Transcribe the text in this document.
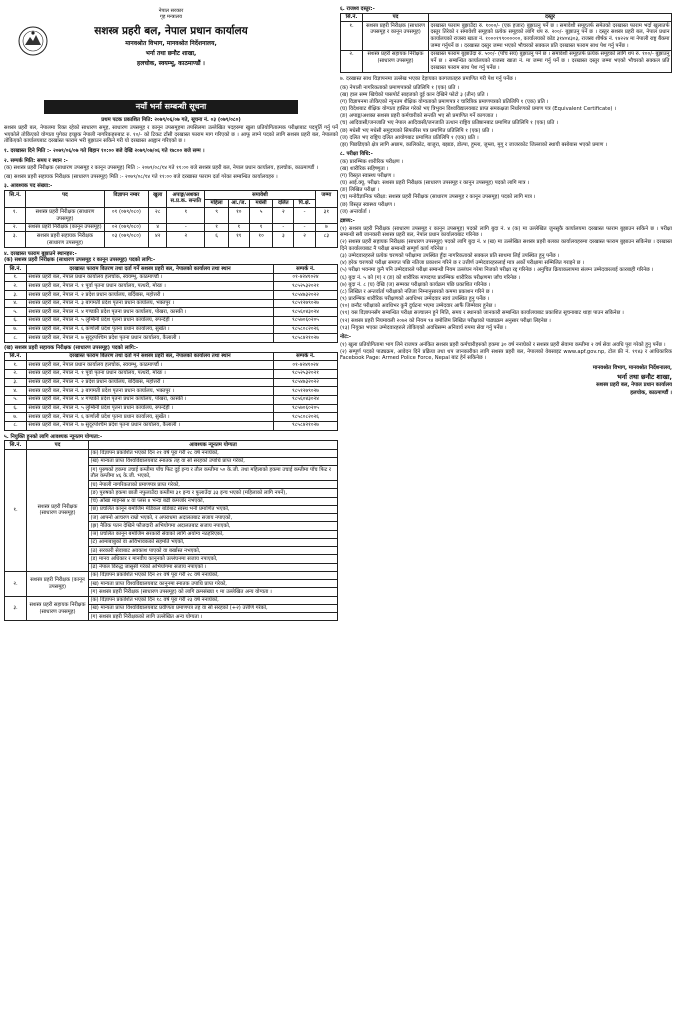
नेपाल सरकार
गृह मन्त्रालय
सशस्त्र प्रहरी बल, नेपाल प्रधान कार्यालय
मानवश्रोत विभाग, मानवश्रोत निर्देशनालय,
भर्ना तथा छनौट शाखा,
हलचोक, स्वयम्भू, काठमाण्डौं ।
नयाँ भर्ना सम्बन्धी सूचना
प्रथम पटक प्रकाशित मिति: २०७९/०६/०७ गते, सूचना नं. ०३ (०७९/०८०)

सशस्त्र प्रहरी बल, नेपालमा रिक्त रहेको साधारण समूह, साधारण उपसमूह र कानून उपसमूहमा तपसिलमा उल्लेखित पदहरुमा खुला प्रतियोगितात्मक परीक्षाबाट पदपूर्ति गर्नु पर्ने भएकोले तोकिएको योग्यता पुगेका इच्छुक नेपाली नागरिकहरुबाट रु. १०/- को टिकट टाँसी दरखास्त फाराम माग गरिएको छ । आफू लाग्ने पदको लागि सशस्त्र प्रहरी बल, नेपालको तोकिएको कार्यालयबाट दरखास्त फाराम भरी बुझाउन सकिने गरी यो दरखास्त आह्वान गरिएको छ ।

१. दरखास्त दिने मिति :- २०७९/०६/०७ गते बिहान १०:०० बजे देखि २०७९/०७/०६ गते १७:०० बजे सम्म ।
२. सम्पर्क मिति: समय र स्थान :-

(क) सशस्त्र प्रहरी निरीक्षक (साधारण उपसमूह र कानून उपसमूह) मिति :- २०७९/०८/१४ गते ११:०० बजे सशस्त्र प्रहरी बल, नेपाल प्रधान कार्यालय, हलचोक, काठमाण्डौं ।

(ख) सशस्त्र प्रहरी सहायक निरीक्षक (साधारण उपसमूह) मिति :- २०७९/०८/१४ गते ११:०० बजे दरखास्त फाराम दर्ता गरेका सम्बन्धित कार्यालयहरु ।

३. आवश्यक पद संख्या:-
सि.नं.	पद	विज्ञापन नम्बर	खुला	अपाङ्ग/अशक्त स.प्र.क. सन्तति	समावेशी					जम्मा
					महिला	आ./ज.	मधेसी	दलित	पि.क्षे.	
१.	सशस्त्र प्रहरी निरीक्षक (साधारण उपसमूह)	०१ (०७९/०८०)	२८	१	९	१०	५	२	-	३१
२.	सशस्त्र प्रहरी निरीक्षक (कानून उपसमूह)	०२ (०७९/०८०)	४	-	१	१	१	-	-	७
३.	सशस्त्र प्रहरी सहायक निरीक्षक (साधारण उपसमूह)	०३ (०७९/०८०)	४२	२	६	११	१०	३	२	८३
४. दरखास्त फाराम बुझाउने स्थानहरु:-
(क) सशस्त्र प्रहरी निरीक्षक (साधारण उपसमूह र कानून उपसमूह) पदको लागि:-
सि.नं.	दरखास्त फाराम वितरण तथा दर्ता गर्ने सशस्त्र प्रहरी बल, नेपालको कार्यालय तथा स्थान	सम्पर्क नं.
१.	सशस्त्र प्रहरी बल, नेपाल प्रधान कार्यालय हलचोक, स्वयम्भू, काठमाण्डौं ।	०१-४२४१०२४
२.	सशस्त्र प्रहरी बल, नेपाल नं. १ पूर्वा पृतना प्रधान कार्यालय, पत्थरी, मोरङ ।	९८५२५३२०२१
३.	सशस्त्र प्रहरी बल, नेपाल नं. २ प्रदेश प्रधान कार्यालय, बर्दिबास, महोत्तरी ।	९८५४७३२०२२
४.	सशस्त्र प्रहरी बल, नेपाल नं. ३ बागमती प्रदेश पृतना प्रधान कार्यालय, भक्तपुर ।	९८५१२७९०२७
५.	सशस्त्र प्रहरी बल, नेपाल नं. ४ गण्डकी प्रदेश पृतना प्रधान कार्यालय, पोखरा, कास्की ।	९८५६०४३०२४
६.	सशस्त्र प्रहरी बल, नेपाल नं. ५ लुम्बिनी प्रदेश पृतना प्रधान कार्यालय, रुपन्देही ।	९८५७०६०२०५
७.	सशस्त्र प्रहरी बल, नेपाल नं. ६ कर्णाली प्रदेश पृतना प्रधान कार्यालय, सुर्खेत ।	९८५८०८२०२६
८.	सशस्त्र प्रहरी बल, नेपाल नं. ७ सुदूरपश्चिम प्रदेश पृतना प्रधान कार्यालय, कैलाली ।	९८५८४२१०२७
(ख) सशस्त्र प्रहरी सहायक निरीक्षक (साधारण उपसमूह) पदको लागि:-
सि.नं.	दरखास्त फाराम वितरण तथा दर्ता गर्ने सशस्त्र प्रहरी बल, नेपालको कार्यालय तथा स्थान	सम्पर्क नं.
१.	सशस्त्र प्रहरी बल, नेपाल प्रधान कार्यालय हलचोक, स्वयम्भू, काठमाण्डौं ।	०१-४२४१०२४
२.	सशस्त्र प्रहरी बल, नेपाल नं. १ पूर्वा पृतना प्रधान कार्यालय, पत्थरी, मोरङ ।	९८५२५३२०२१
३.	सशस्त्र प्रहरी बल, नेपाल नं. २ प्रदेश प्रधान कार्यालय, बर्दिबास, महोत्तरी ।	९८५४७३२०२२
४.	सशस्त्र प्रहरी बल, नेपाल नं. ३ बागमती प्रदेश पृतना प्रधान कार्यालय, भक्तपुर ।	९८५१२७९०२७
५.	सशस्त्र प्रहरी बल, नेपाल नं. ४ गण्डकी प्रदेश पृतना प्रधान कार्यालय, पोखरा, कास्की ।	९८५६०४३०२४
६.	सशस्त्र प्रहरी बल, नेपाल नं. ५ लुम्बिनी प्रदेश पृतना प्रधान कार्यालय, रुपन्देही ।	९८५७०६०२०५
७.	सशस्त्र प्रहरी बल, नेपाल नं. ६ कर्णाली प्रदेश पृतना प्रधान कार्यालय, सुर्खेत ।	९८५८०८२०२६
८.	सशस्त्र प्रहरी बल, नेपाल नं. ७ सुदूरपश्चिम प्रदेश पृतना प्रधान कार्यालय, कैलाली ।	९८५८४२१०२७
५. नियुक्ति हुनको लागि आवश्यक न्यूनतम योग्यता:-
सि.नं.	पद	आवश्यक न्यूनतम योग्यता
१.	सशस्त्र प्रहरी निरीक्षक (साधारण उपसमूह)	(क) विज्ञापन प्रकाशित भएको दिन २१ वर्ष पूरा गरी २८ वर्ष ननाघेको,
		(ख) मान्यता प्राप्त विश्वविद्यालयबाट स्नातक तह वा सो सरहको उपाधि प्राप्त गरेको,
		(ग) पुरुषको हकमा उचाई कम्तीमा पाँच फिट दुई इन्च र तौल कम्तीमा ५० के.जी. तथा महिलाको हकमा उचाई कम्तीमा पाँच फिट र तौल कम्तीमा ४६ के.जी. भएको,
		(घ) नेपाली नागरिकताको प्रमाणपत्र प्राप्त गरेको,
		(ङ) पुरुषको हकमा छाती नफुलाउँदा कम्तीमा ३१ इन्च र फुलाउँदा ३३ इन्च भएको (महिलाको लागि नपर्ने),
		(च) आँखा माइनस ४ वा प्लस ४ भन्दा बढी कमजोर नभएको,
		(छ) प्रचलित कानून बमोजिम मेडिकल बोर्डबाट स्वस्थ भनी प्रमाणित भएको,
		(ज) आफ्नो आचरण राम्रो भएको, र अपराधमा अदालतबाट सजाय नपाएको,
		(झ) नैतिक पतन देखिने फौजदारी अभियोगमा अदालतबाट सजाय नपाएको,
		(ञ) प्रचलित कानून बमोजिम सरकारी सेवाको लागि अयोग्य नठहरिएको,
		(ट) आमाबाबुको वा अविभावकको सहमति भएको,
		(ठ) सरकारी सेवाबाट अवकाश पाएको वा बर्खास्त नभएको,
		(ड) मानव अधिकार र मानवीय कानूनको उल्लंघनमा सजाय नपाएको,
		(ढ) नेपाल विरुद्ध जासुसी गरेको अभियोगमा सजाय नपाएको ।
२.	सशस्त्र प्रहरी निरीक्षक (कानून उपसमूह)	(क) विज्ञापन प्रकाशित भएको दिन २१ वर्ष पूरा गरी २८ वर्ष ननाघेको,
		(ख) मान्यता प्राप्त विश्वविद्यालयबाट कानूनमा स्नातक उपाधि प्राप्त गरेको,
		(ग) सशस्त्र प्रहरी निरीक्षक (साधारण उपसमूह) को लागि क्रमसंख्या १ मा उल्लेखित अन्य योग्यता ।
३.	सशस्त्र प्रहरी सहायक निरीक्षक (साधारण उपसमूह)	(क) विज्ञापन प्रकाशित भएको दिन १८ वर्ष पूरा गरी २३ वर्ष ननाघेको,
		(ख) मान्यता प्राप्त विश्वविद्यालयबाट प्रवीणता प्रमाणपत्र तह वा सो सरहको (+२) उत्तीर्ण गरेको,
		(ग) सशस्त्र प्रहरी निरीक्षकको लागि उल्लेखित अन्य योग्यता ।
६. राजश्व दस्तुर:-
सि.नं.	पद	दस्तुर
१.	सशस्त्र प्रहरी निरीक्षक (साधारण उपसमूह र कानून उपसमूह)	दरखास्त फाराम बुझाउँदा रु. १०००/- (एक हजार) बुझाउनु पर्ने छ । समावेशी समूहतर्फ समेतको दरखास्त फाराम भर्दा खुलातर्फ दस्तुर तिरेको र समावेशी समूहको प्रत्येक समूहको लागि थप रु. २००/- बुझाउनु पर्ने छ । दस्तुर सशस्त्र प्रहरी बल, नेपाल प्रधान कार्यालयको राजस्व खाता नं. १०००१९९००००००, कार्यालयको कोड ३१४०४३०३, राजस्व शीर्षक नं. १४२२४ मा नेपाली राष्ट्र बैंकमा जम्मा गर्नुपर्ने छ । दरखास्त दस्तुर जम्मा भएको भौचरको सक्कल प्रति दरखास्त फाराम साथ पेश गर्नु पर्नेछ ।
२.	सशस्त्र प्रहरी सहायक निरीक्षक (साधारण उपसमूह)	दरखास्त फाराम बुझाउँदा रु. ५००/- (पाँच सय) बुझाउनु पर्ने छ । समावेशी समूहतर्फ प्रत्येक समूहको लागि थप रु. १००/- बुझाउनु पर्ने छ । सम्बन्धित कार्यालयको राजस्व खाता नं. मा जम्मा गर्नु पर्ने छ । दरखास्त दस्तुर जम्मा भएको भौचरको सक्कल प्रति दरखास्त फाराम साथ पेश गर्नु पर्नेछ ।

७. दरखास्त साथ विज्ञापनमा उल्लेख भएका देहायका कागजातहरु प्रमाणित गरी पेश गर्नु पर्नेछ ।

(क) नेपाली नागरिकताको प्रमाणपत्रको प्रतिलिपि १ (एक) प्रति ।
(ख) हाल सम्म खिचेको पासपोर्ट साइजको दुई कान देखिने फोटो ३ (तीन) प्रति ।
(ग) विज्ञापनमा तोकिएको न्यूनतम शैक्षिक योग्यताको प्रमाणपत्र र चारित्रिक प्रमाणपत्रको प्रतिलिपि १ (एक) प्रति ।
(घ) विदेशबाट शैक्षिक योग्यता हासिल गरेको भए त्रिभुवन विश्वविद्यालयबाट प्राप्त समकक्षता निर्धारणको प्रमाण पत्र (Equivalent Certificate) ।
(ङ) अपाङ्ग/अशक्त सशस्त्र प्रहरी कर्मचारीको सन्तति भए सो प्रमाणित गर्ने कागजात ।
(च) आदिवासी/जनजाति भए नेपाल आदिवासी/जनजाति उत्थान राष्ट्रिय प्रतिष्ठानबाट प्रमाणित प्रतिलिपि १ (एक) प्रति ।
(छ) मधेसी भए मधेसी समुदायको सिफारिस पत्र प्रमाणित प्रतिलिपि १ (एक) प्रति ।
(ज) दलित भए राष्ट्रिय दलित आयोगबाट प्रमाणित प्रतिलिपि १ (एक) प्रति ।
(झ) पिछडिएको क्षेत्र लागि अछाम, कालिकोट, बाजुरा, बझाङ, डोल्पा, हुम्ला, जुम्ला, मुगु र जाजरकोट जिल्लाको स्थायी बसोबास भएको प्रमाण ।
८. परीक्षा विधि:-
(क) प्रारम्भिक शारीरिक परीक्षण ।
(ख) शारीरिक सहिष्णुता ।
(ग) विस्तृत स्वास्थ्य परीक्षण ।
(घ) आई.क्यू. परीक्षा: सशस्त्र प्रहरी निरीक्षक (साधारण उपसमूह र कानून उपसमूह) पदको लागि मात्र ।
(ङ) लिखित परीक्षा ।
(च) मनोवैज्ञानिक परीक्षा: सशस्त्र प्रहरी निरीक्षक (साधारण उपसमूह र कानून उपसमूह) पदको लागि मात्र ।
(छ) विस्तृत स्वास्थ्य परीक्षण ।
(ज) अन्तर्वार्ता ।
द्रष्टव्य:-
(१) सशस्त्र प्रहरी निरीक्षक (साधारण उपसमूह र कानून उपसमूह) पदको लागि बुदा नं. ४ (क) मा उल्लेखित जुनसुकै कार्यालयमा दरखास्त फाराम बुझाउन सकिने छ । परीक्षा सम्बन्धी सबै जानकारी सशस्त्र प्रहरी बल, नेपाल प्रधान कार्यालयबाट गरिनेछ ।
(२) सशस्त्र प्रहरी सहायक निरीक्षक (साधारण उपसमूह) पदको लागि बुदा नं. ४ (ख) मा उल्लेखित सशस्त्र प्रहरी बलका कार्यालयहरुमा दरखास्त फाराम बुझाउन सकिनेछ । दरखास्त दिने कार्यालयबाट नै परीक्षा सम्बन्धी सम्पूर्ण कार्य गरिनेछ ।
(३) उम्मेदवारहरुले प्रत्येक चरणको परीक्षामा उपस्थित हुँदा नागरिकताको सक्कल प्रति साथमा लिई उपस्थित हुनु पर्नेछ ।
(४) हरेक चरणको परीक्षा समाप्त पछि नतिजा प्रकाशन गरिने छ र उत्तीर्ण उम्मेदवारहरुलाई मात्र अर्को परीक्षामा सम्मिलित गराइने छ ।
(५) परीक्षा भवनमा कुनै पनि उम्मेदवारले परीक्षा सम्बन्धी नियम उल्लंघन गरेमा निजको परीक्षा रद्द गरिनेछ । अनुचित क्रियाकलापमा संलग्न उम्मेदवारलाई कारबाही गरिनेछ ।
(६) बुदा नं. ५ को (ग) र (ङ) को शारीरिक मापदण्ड प्रारम्भिक शारीरिक परीक्षणमा जाँच गरिनेछ ।
(७) बुदा नं. ८ (घ) देखि (ज) सम्मका परीक्षाको कार्यक्रम पछि प्रकाशित गरिनेछ ।
(८) लिखित र अन्तर्वार्ता परीक्षाको नतिजा निम्नानुसारको कममा प्रकाशन गरिने छ ।
(९) प्रारम्भिक शारीरिक परीक्षणको अवधिभर उम्मेदवार स्वयं उपस्थित हुनु पर्नेछ ।
(१०) छनौट परीक्षाको अवधिभर कुनै दुर्घटना भएमा उम्मेदवार आफैं जिम्मेवार हुनेछ ।
(११) यस विज्ञापनसँग सम्बन्धित परीक्षा सञ्चालन हुने मिति, समय र स्थानको जानकारी सम्बन्धित कार्यालयबाट प्रकाशित सूचनाबाट थाहा पाउन सकिनेछ ।
(१२) सशस्त्र प्रहरी नियमावली २०७२ को नियम ९४ बमोजिम लिखित परीक्षाको पाठ्यक्रम अनुसार परीक्षा लिइनेछ ।
(१३) नियुक्त भएका उम्मेदवारहरुले तोकिएको अवधिसम्म अनिवार्य रुपमा सेवा गर्नु पर्नेछ ।
नोट:-
(१) खुला प्रतियोगितामा भाग लिने राजपत्र अनंकित सशस्त्र प्रहरी कर्मचारीहरुको हकमा ३० वर्ष ननाघेको र सशस्त्र प्रहरी सेवामा कम्तीमा २ वर्ष सेवा अवधि पूरा गरेको हुनु पर्नेछ ।
(२) सम्पूर्ण पदको पाठ्यक्रम, आवेदन दिने प्रक्रिया तथा थप जानकारीका लागि सशस्त्र प्रहरी बल, नेपालको वेबसाइट www.apf.gov.np, टोल फ्री नं. ११४३ र आधिकारिक Facebook Page: Armed Police Force, Nepal बाट हेर्न सकिनेछ ।
मानवश्रोत विभाग, मानवश्रोत निर्देशनालय,
भर्ना तथा छनौट शाखा,
सशस्त्र प्रहरी बल, नेपाल प्रधान कार्यालय
हलचोक, काठमाण्डौं ।
